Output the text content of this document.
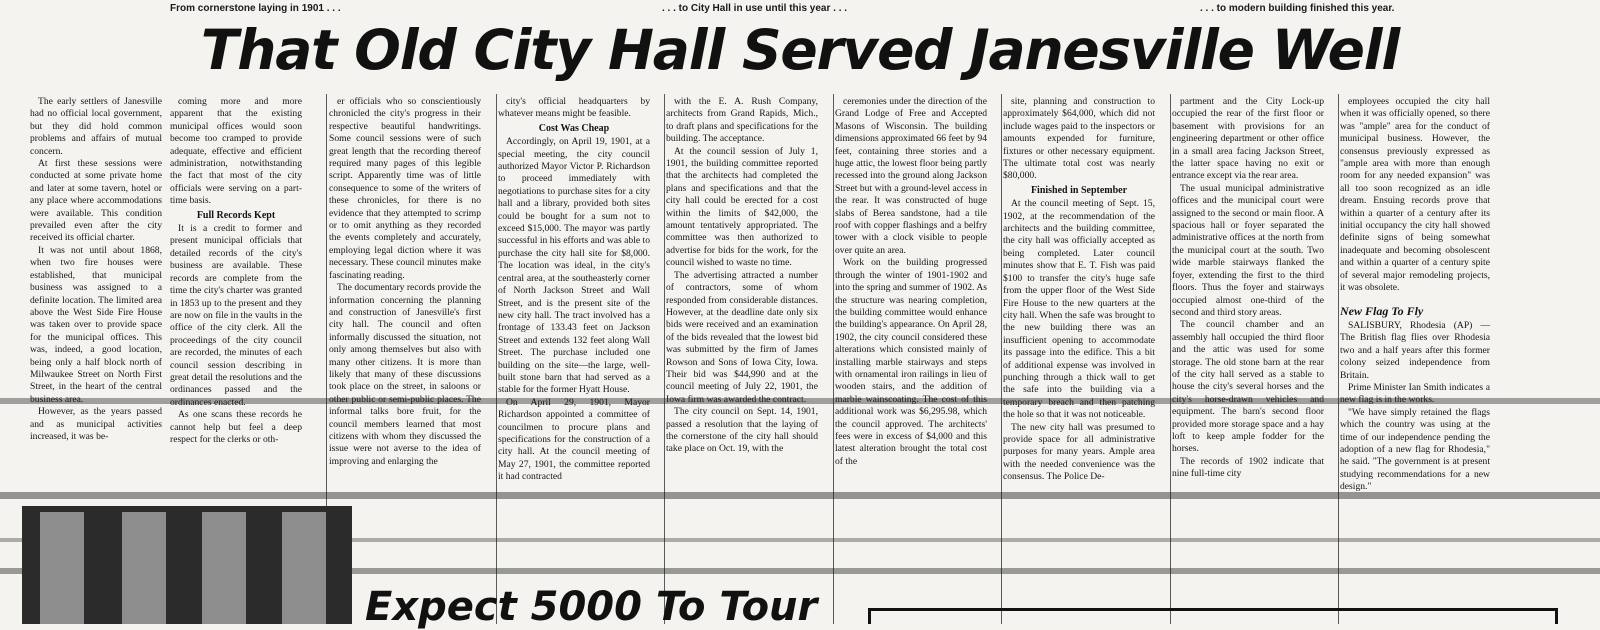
From cornerstone laying in 1901 . . .	. . . to City Hall in use until this year . . .	. . . to modern building finished this year.
That Old City Hall Served Janesville Well

The early settlers of Janesville had no official local government, but they did hold common problems and affairs of mutual concern.

At first these sessions were conducted at some private home and later at some tavern, hotel or any place where accommodations were available. This condition prevailed even after the city received its official charter.

It was not until about 1868, when two fire houses were established, that municipal business was assigned to a definite location. The limited area above the West Side Fire House was taken over to provide space for the municipal offices. This was, indeed, a good location, being only a half block north of Milwaukee Street on North First Street, in the heart of the central

However, as the years passed and as municipal activities increased, it was be-

coming more and more apparent that the existing municipal offices would soon become too cramped to provide adequate, effective and efficient administration, notwithstanding the fact that most of the city officials were serving on a part-time basis.

Full Records Kept

It is a credit to former and present municipal officials that detailed records of the city's business are available. These records are complete from the time the city's charter was granted in 1853 up to the present and they are now on file in the vaults in the office of the city clerk. All the proceedings of the city council are recorded, the minutes of each council session describing in great detail the resolutions and the ordinances passed and the

As one scans these records he cannot help but feel a deep respect for the clerks or oth-

er officials who so conscientiously chronicled the city's progress in their respective beautiful handwritings. Some council sessions were of such great length that the recording thereof required many pages of this legible script. Apparently time was of little consequence to some of the writers of these chronicles, for there is no evidence that they attempted to scrimp or to omit anything as they recorded the events completely and accurately, employing legal diction where it was necessary. These council minutes make fascinating reading.

The documentary records provide the information concerning the planning and construction of Janesville's first city hall. The council and often informally discussed the situation, not only among themselves but also with many other citizens. It is more than likely that many of these discussions took place on the street, in saloons or informal talks bore fruit, for the council members learned that most citizens with whom they discussed the issue were not averse to the idea of improving and enlarging the

city's official headquarters by whatever means might be feasible.

Cost Was Cheap

Accordingly, on April 19, 1901, at a special meeting, the city council authorized Mayor Victor P. Richardson to proceed immediately with negotiations to purchase sites for a city hall and a library, provided both sites could be bought for a sum not to exceed $15,000. The mayor was partly successful in his efforts and was able to purchase the city hall site for $8,000. The location was ideal, in the city's central area, at the southeasterly corner of North Jackson Street and Wall Street, and is the present site of the new city hall. The tract involved has a frontage of 133.43 feet on Jackson Street and extends 132 feet along Wall Street. The purchase included one building on the site—the large, well-built stone barn that had served as a stable for the former Hyatt House.

Richardson appointed a committee of councilmen to procure plans and specifications for the construction of a city hall. At the council meeting of May 27, 1901, the committee reported it had contracted

with the E. A. Rush Company, architects from Grand Rapids, Mich., to draft plans and specifications for the building. The acceptance.

At the council session of July 1, 1901, the building committee reported that the architects had completed the plans and specifications and that the city hall could be erected for a cost within the limits of $42,000, the amount tentatively appropriated. The committee was then authorized to advertise for bids for the work, for the council wished to waste no time.

The advertising attracted a number of contractors, some of whom responded from considerable distances. However, at the deadline date only six bids were received and an examination of the bids revealed that the lowest bid was submitted by the firm of James Rowson and Sons of Iowa City, Iowa. Their bid was $44,990 and at the council meeting of July 22, 1901, the

The city council on Sept. 14, 1901, passed a resolution that the laying of the cornerstone of the city hall should take place on Oct. 19, with the

ceremonies under the direction of the Grand Lodge of Free and Accepted Masons of Wisconsin. The building dimensions approximated 66 feet by 94 feet, containing three stories and a huge attic, the lowest floor being partly recessed into the ground along Jackson Street but with a ground-level access in the rear. It was constructed of huge slabs of Berea sandstone, had a tile roof with copper flashings and a belfry tower with a clock visible to people over quite an area.

Work on the building progressed through the winter of 1901-1902 and into the spring and summer of 1902. As the structure was nearing completion, the building committee would enhance the building's appearance. On April 28, 1902, the city council considered these alterations which consisted mainly of installing marble stairways and steps with ornamental iron railings in lieu of wooden stairs, and the addition of additional work was $6,295.98, which the council approved. The architects' fees were in excess of $4,000 and this latest alteration brought the total cost of the

site, planning and construction to approximately $64,000, which did not include wages paid to the inspectors or amounts expended for furniture, fixtures or other necessary equipment. The ultimate total cost was nearly $80,000.

Finished in September

At the council meeting of Sept. 15, 1902, at the recommendation of the architects and the building committee, the city hall was officially accepted as being completed. Later council minutes show that E. T. Fish was paid $100 to transfer the city's huge safe from the upper floor of the West Side Fire House to the new quarters at the city hall. When the safe was brought to the new building there was an insufficient opening to accommodate its passage into the edifice. This a bit of additional expense was involved in punching through a thick wall to get the safe into the building via a the hole so that it was not noticeable.

The new city hall was presumed to provide space for all administrative purposes for many years. Ample area with the needed convenience was the consensus. The Police De-

partment and the City Lock-up occupied the rear of the first floor or basement with provisions for an engineering department or other office in a small area facing Jackson Street, the latter space having no exit or entrance except via the rear area.

The usual municipal administrative offices and the municipal court were assigned to the second or main floor. A spacious hall or foyer separated the administrative offices at the north from the municipal court at the south. Two wide marble stairways flanked the foyer, extending the first to the third floors. Thus the foyer and stairways occupied almost one-third of the second and third story areas.

The council chamber and an assembly hall occupied the third floor and the attic was used for some storage. The old stone barn at the rear of the city hall served as a stable to house the city's several horses and the equipment. The barn's second floor provided more storage space and a hay loft to keep ample fodder for the horses.

The records of 1902 indicate that nine full-time city

employees occupied the city hall when it was officially opened, so there was "ample" area for the conduct of municipal business. However, the consensus previously expressed as "ample area with more than enough room for any needed expansion" was all too soon recognized as an idle dream. Ensuing records prove that within a quarter of a century after its initial occupancy the city hall showed definite signs of being somewhat inadequate and becoming obsolescent and within a quarter of a century spite of several major remodeling projects, it was obsolete.

New Flag To Fly

SALISBURY, Rhodesia (AP) — The British flag flies over Rhodesia two and a half years after this former colony seized independence from Britain.

Prime Minister Ian Smith indicates a

"We have simply retained the flags which the country was using at the time of our independence pending the adoption of a new flag for Rhodesia," he said. "The government is at present studying recommendations for a new design."

Expect 5000 To Tour
